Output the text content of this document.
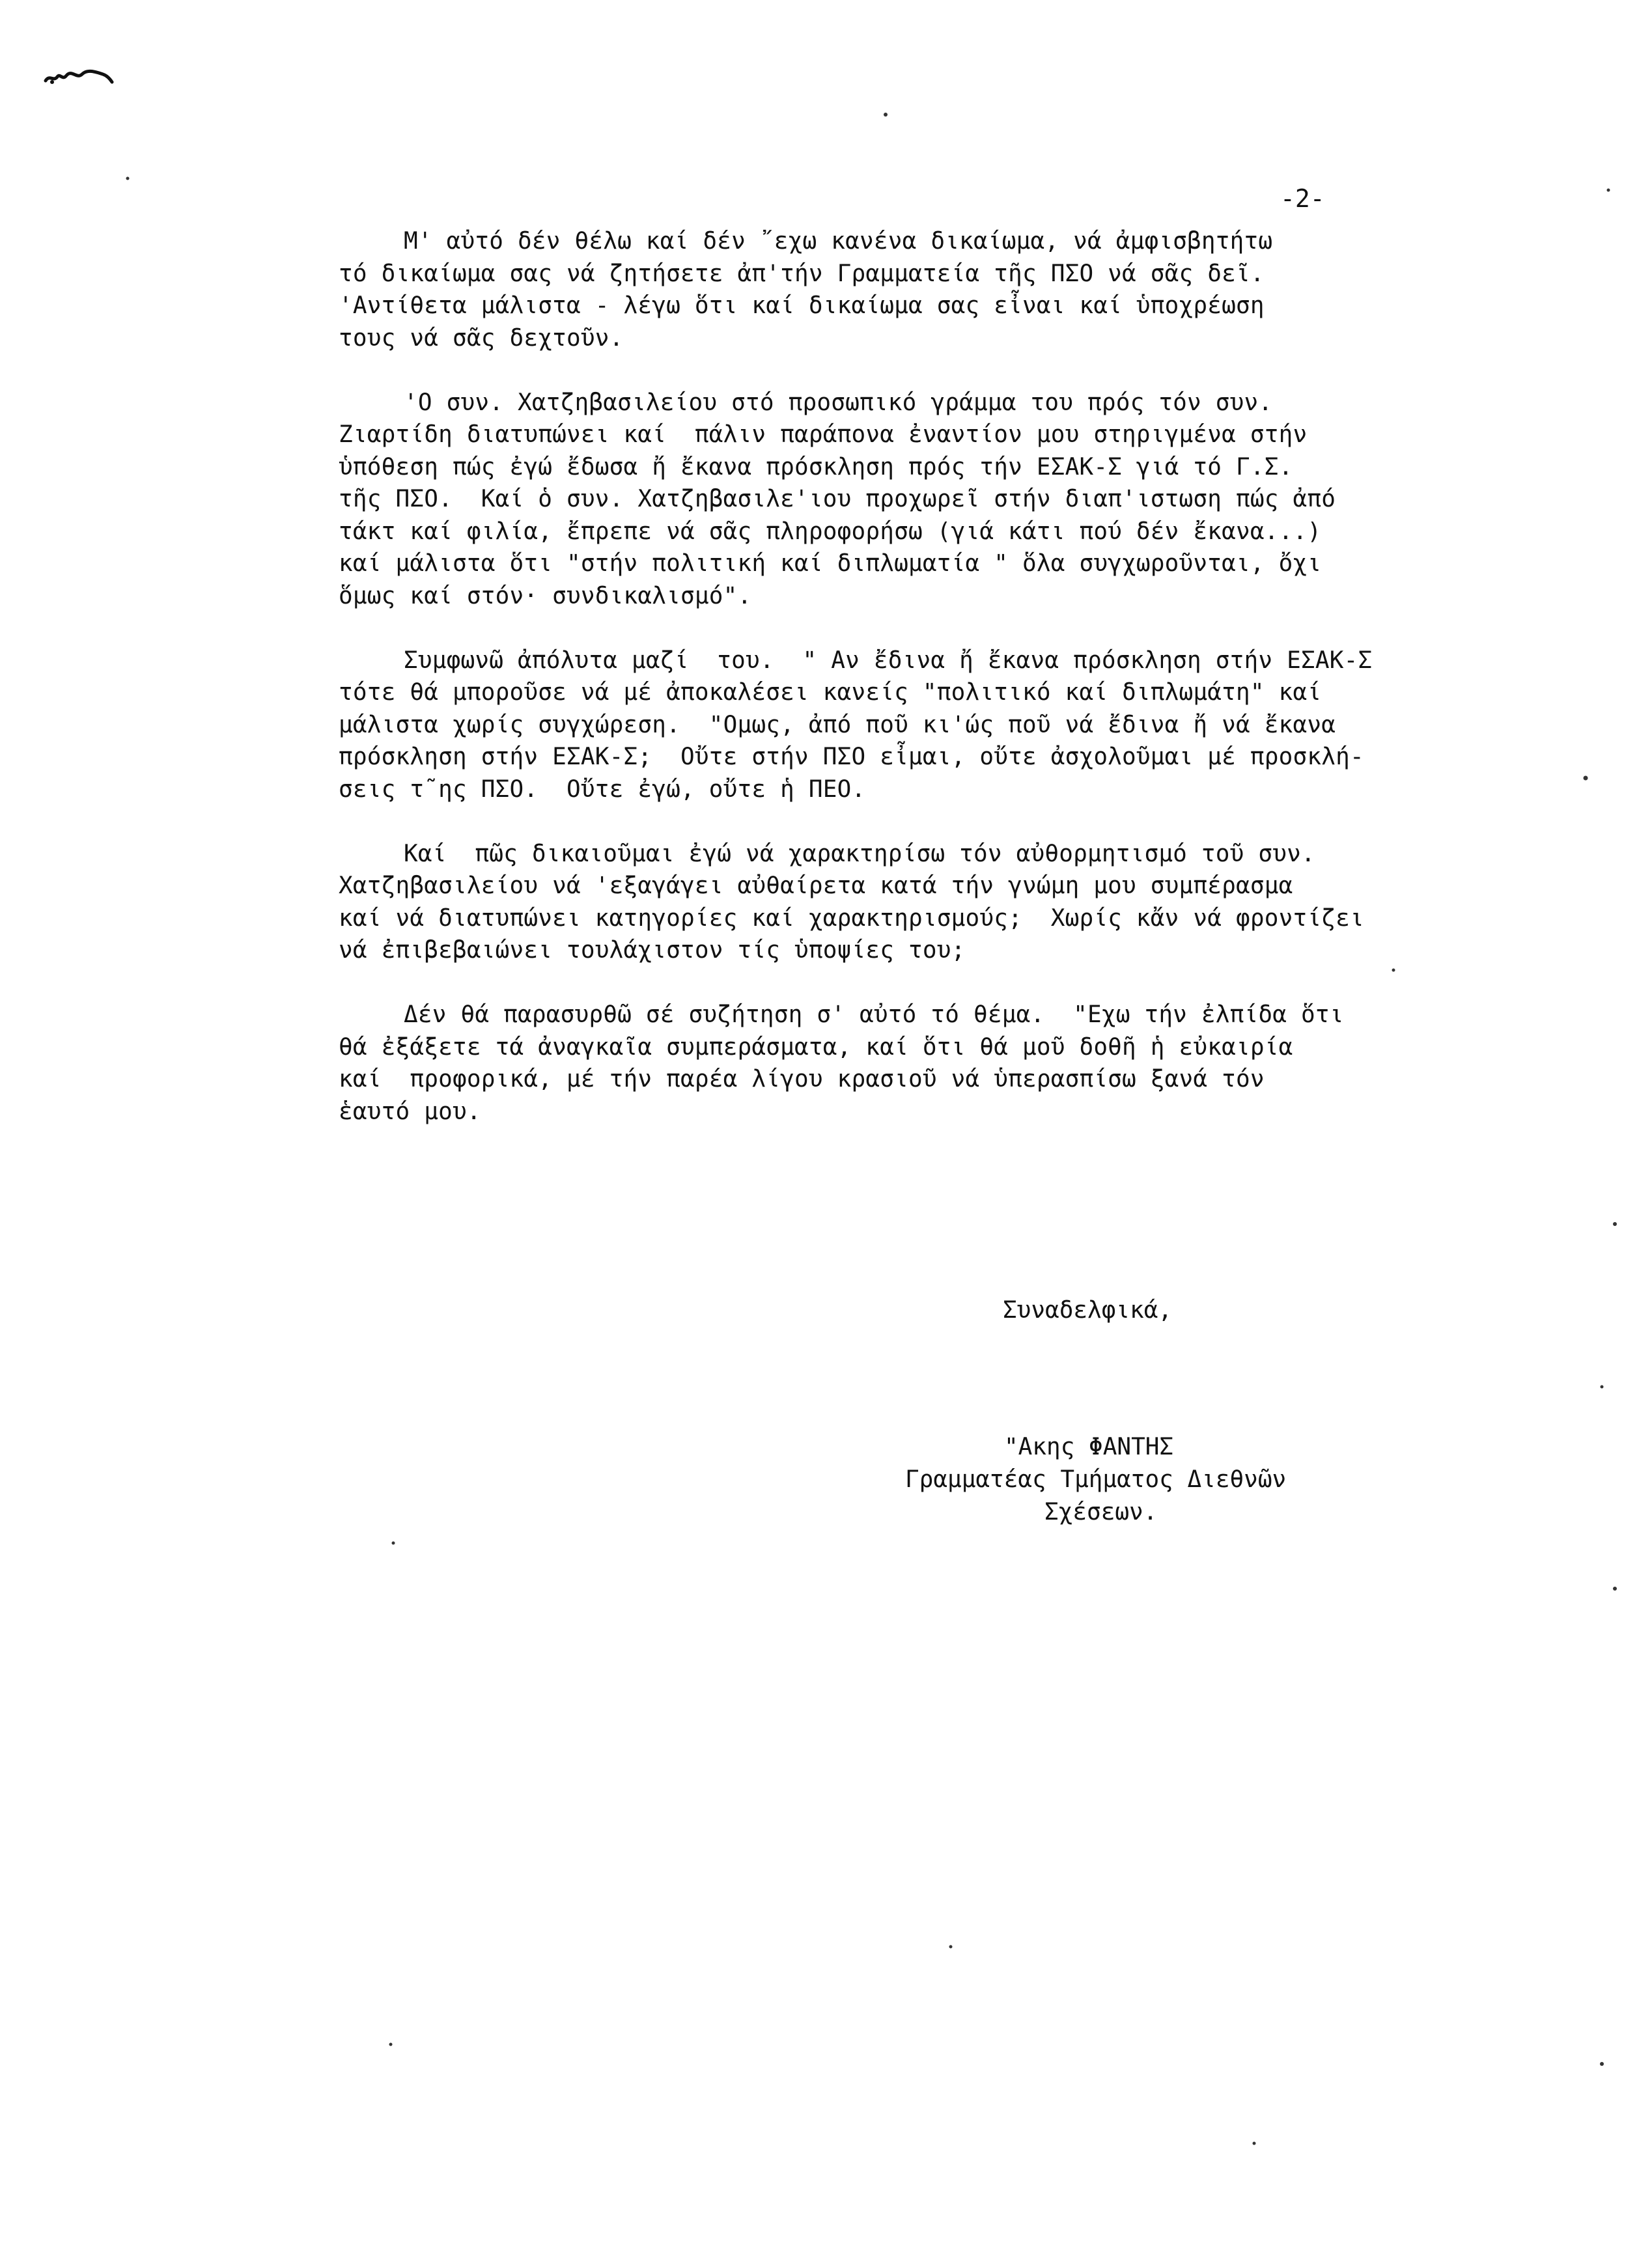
-2-
Μ' αὐτό δέν θέλω καί δέν ῎εχω κανένα δικαίωμα, νά ἀμφισβητήτω
τό δικαίωμα σας νά ζητήσετε ἀπ'τήν Γραμματεία τῆς ΠΣΟ νά σᾶς δεῖ.
'Αντίθετα μάλιστα - λέγω ὅτι καί δικαίωμα σας εἶναι καί ὑποχρέωση
τους νά σᾶς δεχτοῦν.
'Ο συν. Χατζηβασιλείου στό προσωπικό γράμμα του πρός τόν συν.
Ζιαρτίδη διατυπώνει καί  πάλιν παράπονα ἐναντίον μου στηριγμένα στήν
ὑπόθεση πώς ἐγώ ἔδωσα ἤ ἔκανα πρόσκληση πρός τήν ΕΣΑΚ-Σ γιά τό Γ.Σ.
τῆς ΠΣΟ.  Καί ὁ συν. Χατζηβασιλε'ιου προχωρεῖ στήν διαπ'ιστωση πώς ἀπό
τάκτ καί φιλία, ἔπρεπε νά σᾶς πληροφορήσω (γιά κάτι πού δέν ἔκανα...)
καί μάλιστα ὅτι "στήν πολιτική καί διπλωματία " ὅλα συγχωροῦνται, ὄχι
ὅμως καί στόν· συνδικαλισμό".
Συμφωνῶ ἀπόλυτα μαζί  του.  " Αν ἔδινα ἤ ἔκανα πρόσκληση στήν ΕΣΑΚ-Σ
τότε θά μποροῦσε νά μέ ἀποκαλέσει κανείς "πολιτικό καί διπλωμάτη" καί
μάλιστα χωρίς συγχώρεση.  "Ομως, ἀπό ποῦ κι'ώς ποῦ νά ἔδινα ἤ νά ἔκανα
πρόσκληση στήν ΕΣΑΚ-Σ;  Οὔτε στήν ΠΣΟ εἶμαι, οὔτε ἀσχολοῦμαι μέ προσκλή-
σεις τ῀ης ΠΣΟ.  Οὔτε ἐγώ, οὔτε ἡ ΠΕΟ.
Καί  πῶς δικαιοῦμαι ἐγώ νά χαρακτηρίσω τόν αὐθορμητισμό τοῦ συν.
Χατζηβασιλείου νά 'εξαγάγει αὐθαίρετα κατά τήν γνώμη μου συμπέρασμα
καί νά διατυπώνει κατηγορίες καί χαρακτηρισμούς;  Χωρίς κἄν νά φροντίζει
νά ἐπιβεβαιώνει τουλάχιστον τίς ὑποψίες του;
Δέν θά παρασυρθῶ σέ συζήτηση σ' αὐτό τό θέμα.  "Εχω τήν ἐλπίδα ὅτι
θά ἐξάξετε τά ἀναγκαῖα συμπεράσματα, καί ὅτι θά μοῦ δοθῆ ἡ εὐκαιρία
καί  προφορικά, μέ τήν παρέα λίγου κρασιοῦ νά ὑπερασπίσω ξανά τόν
ἑαυτό μου.
Συναδελφικά,
"Ακης ΦΑΝΤΗΣ
Γραμματέας Τμήματος Διεθνῶν
Σχέσεων.
